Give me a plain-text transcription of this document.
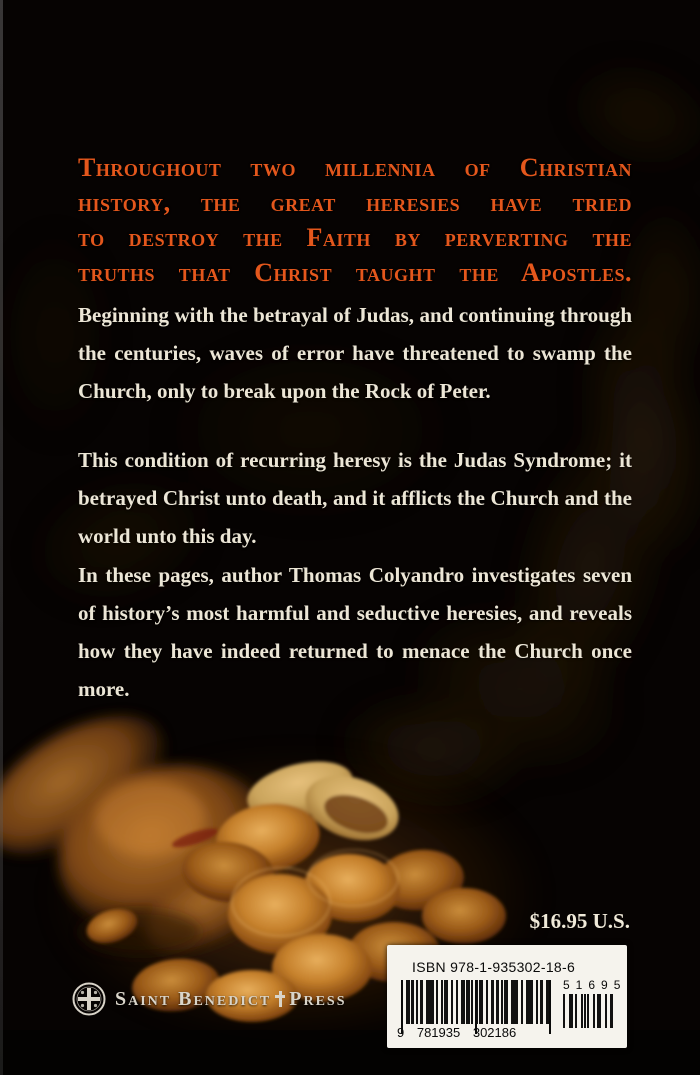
Throughout two millennia of Christian
history, the great heresies have tried
to destroy the Faith by perverting the
truths that Christ taught the Apostles.
Beginning with the betrayal of Judas, and continuing through the centuries, waves of error have threatened to swamp the Church, only to break upon the Rock of Peter.
This condition of recurring heresy is the Judas Syndrome; it betrayed Christ unto death, and it afflicts the Church and the world unto this day.
In these pages, author Thomas Colyandro investigates seven of history’s most harmful and seductive heresies, and reveals how they have indeed returned to menace the Church once more.
$16.95 U.S.
ISBN 978-1-935302-18-6
9 781935 302186
51695
Saint Benedict Press
